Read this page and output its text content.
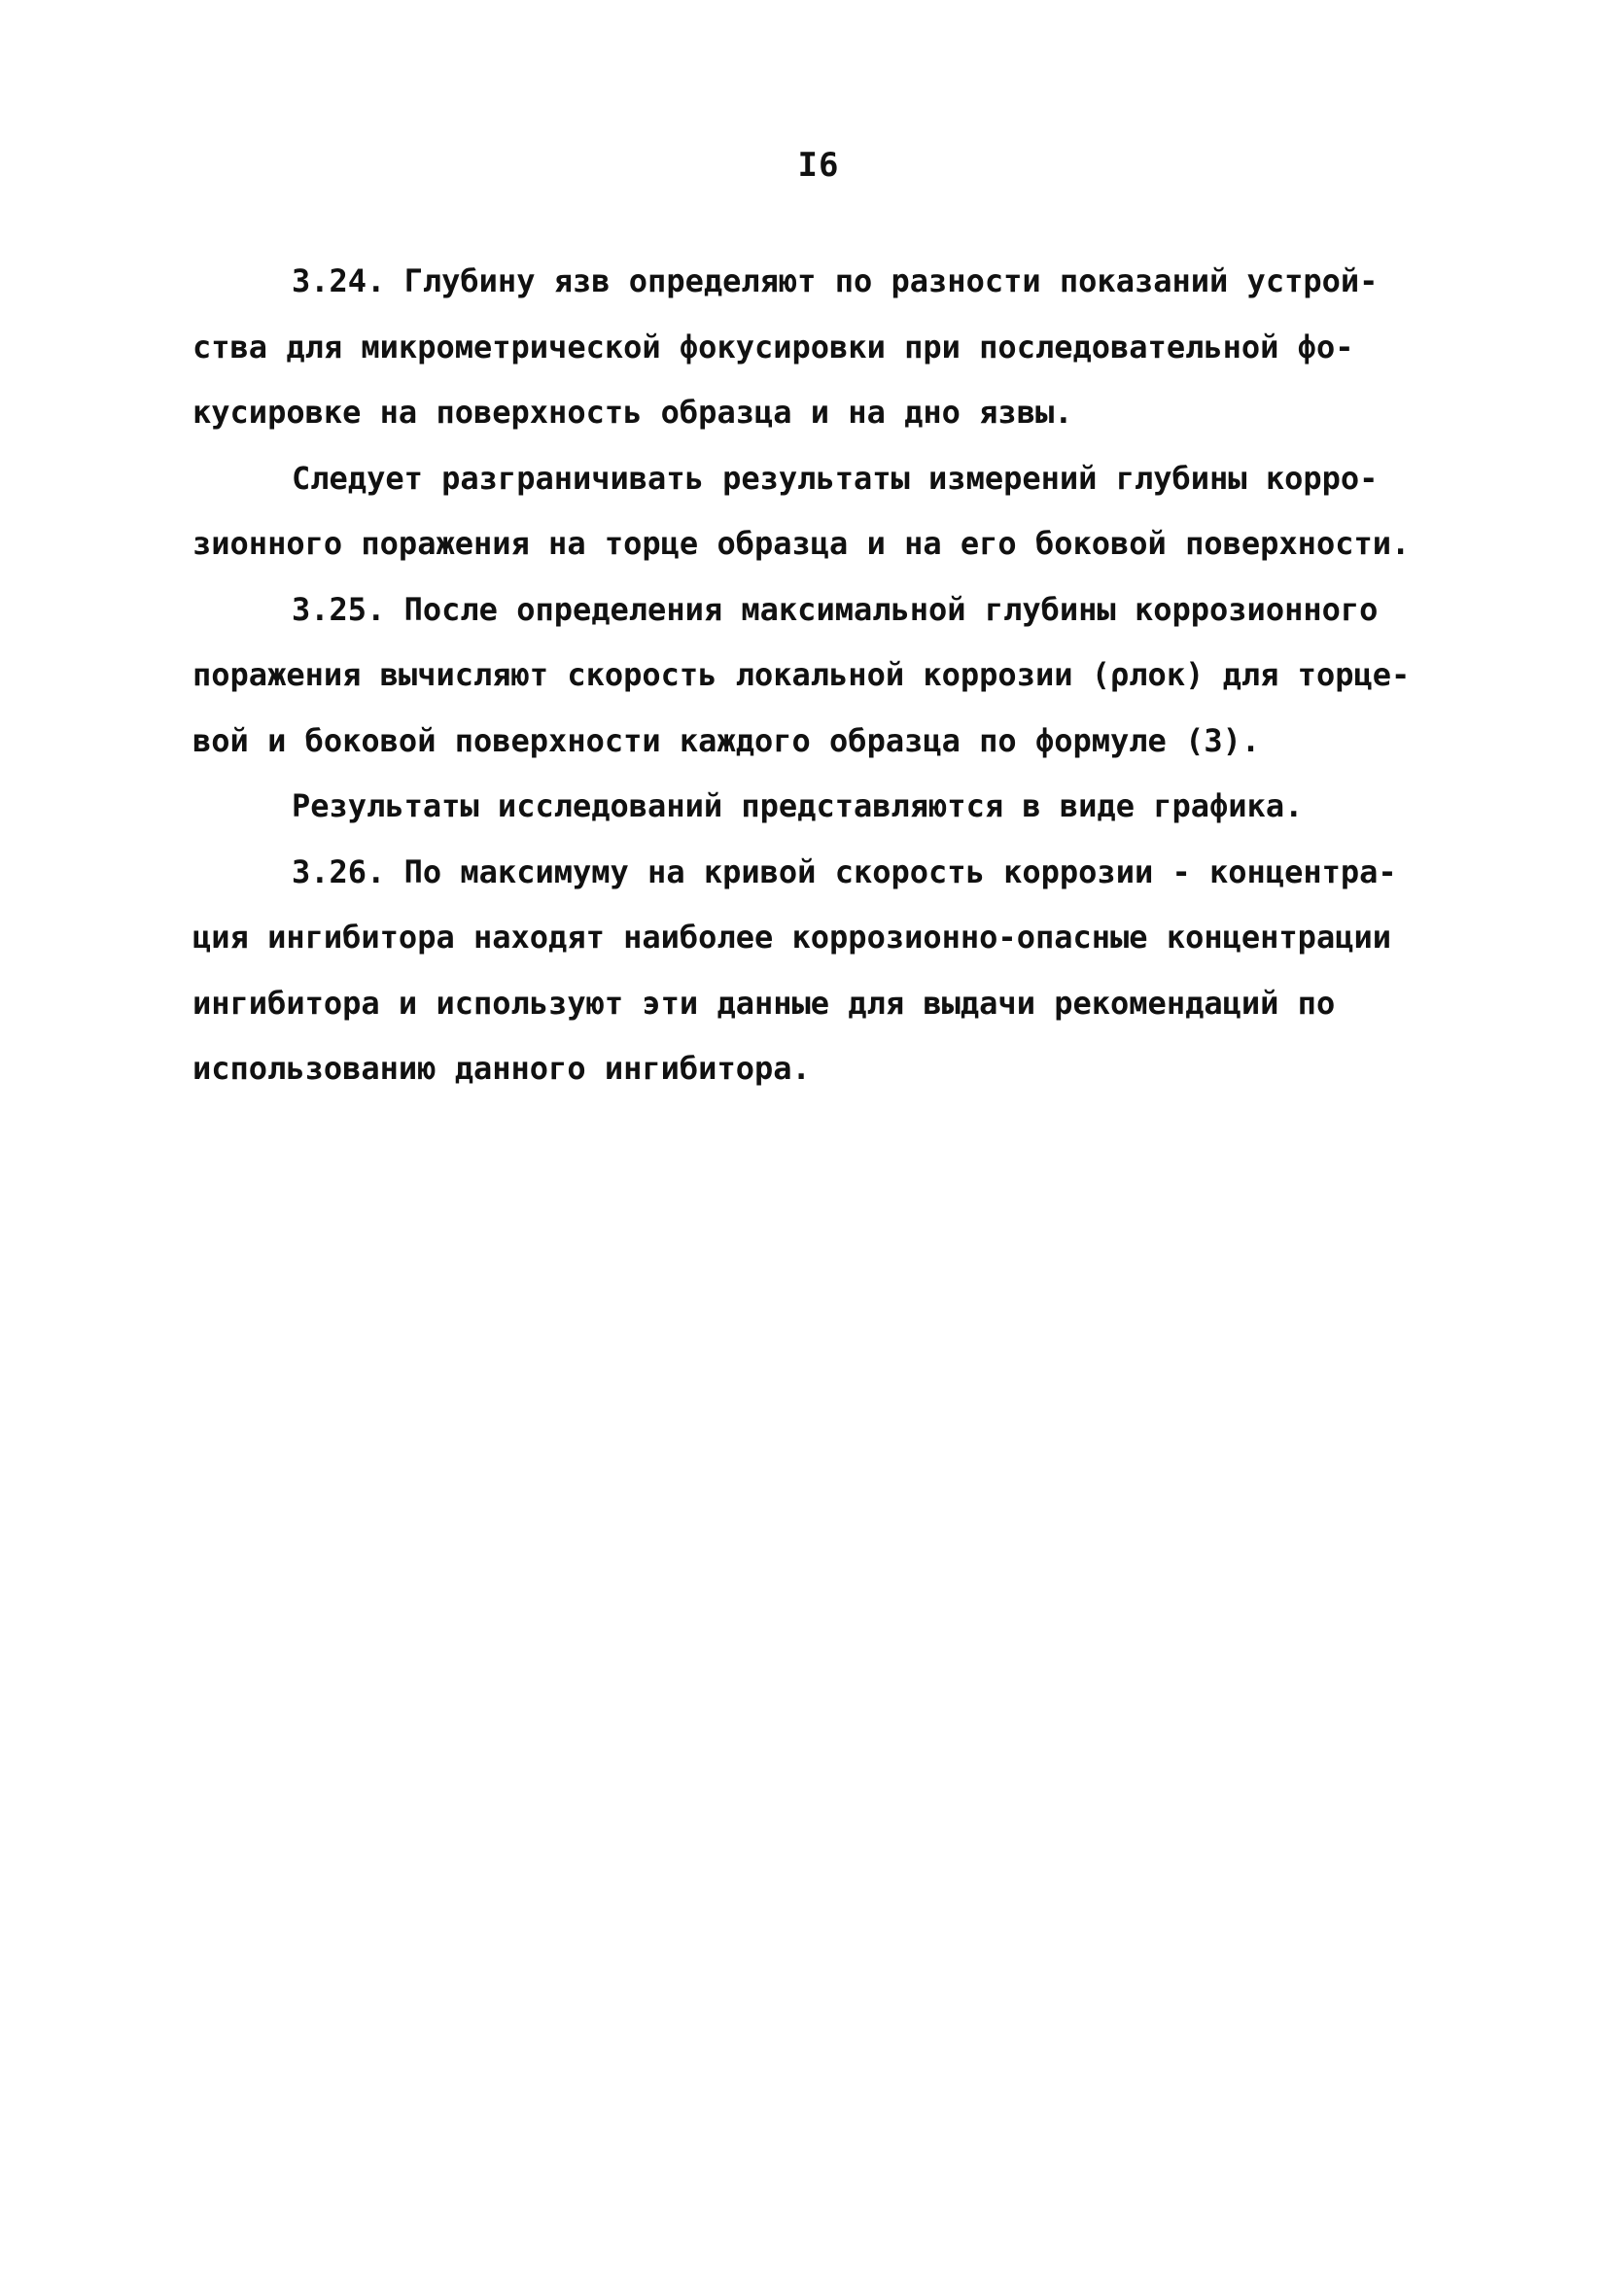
I6
3.24. Глубину язв определяют по разности показаний устрой-
ства для микрометрической фокусировки при последовательной фо-
кусировке на поверхность образца и на дно язвы.
Следует разграничивать результаты измерений глубины корро-
зионного поражения на торце образца и на его боковой поверхности.
3.25. После определения максимальной глубины коррозионного
поражения вычисляют скорость локальной коррозии (ρлок) для торце-
вой и боковой поверхности каждого образца по формуле (3).
Результаты исследований представляются в виде графика.
3.26. По максимуму на кривой скорость коррозии - концентра-
ция ингибитора находят наиболее коррозионно-опасные концентрации
ингибитора и используют эти данные для выдачи рекомендаций по
использованию данного ингибитора.
